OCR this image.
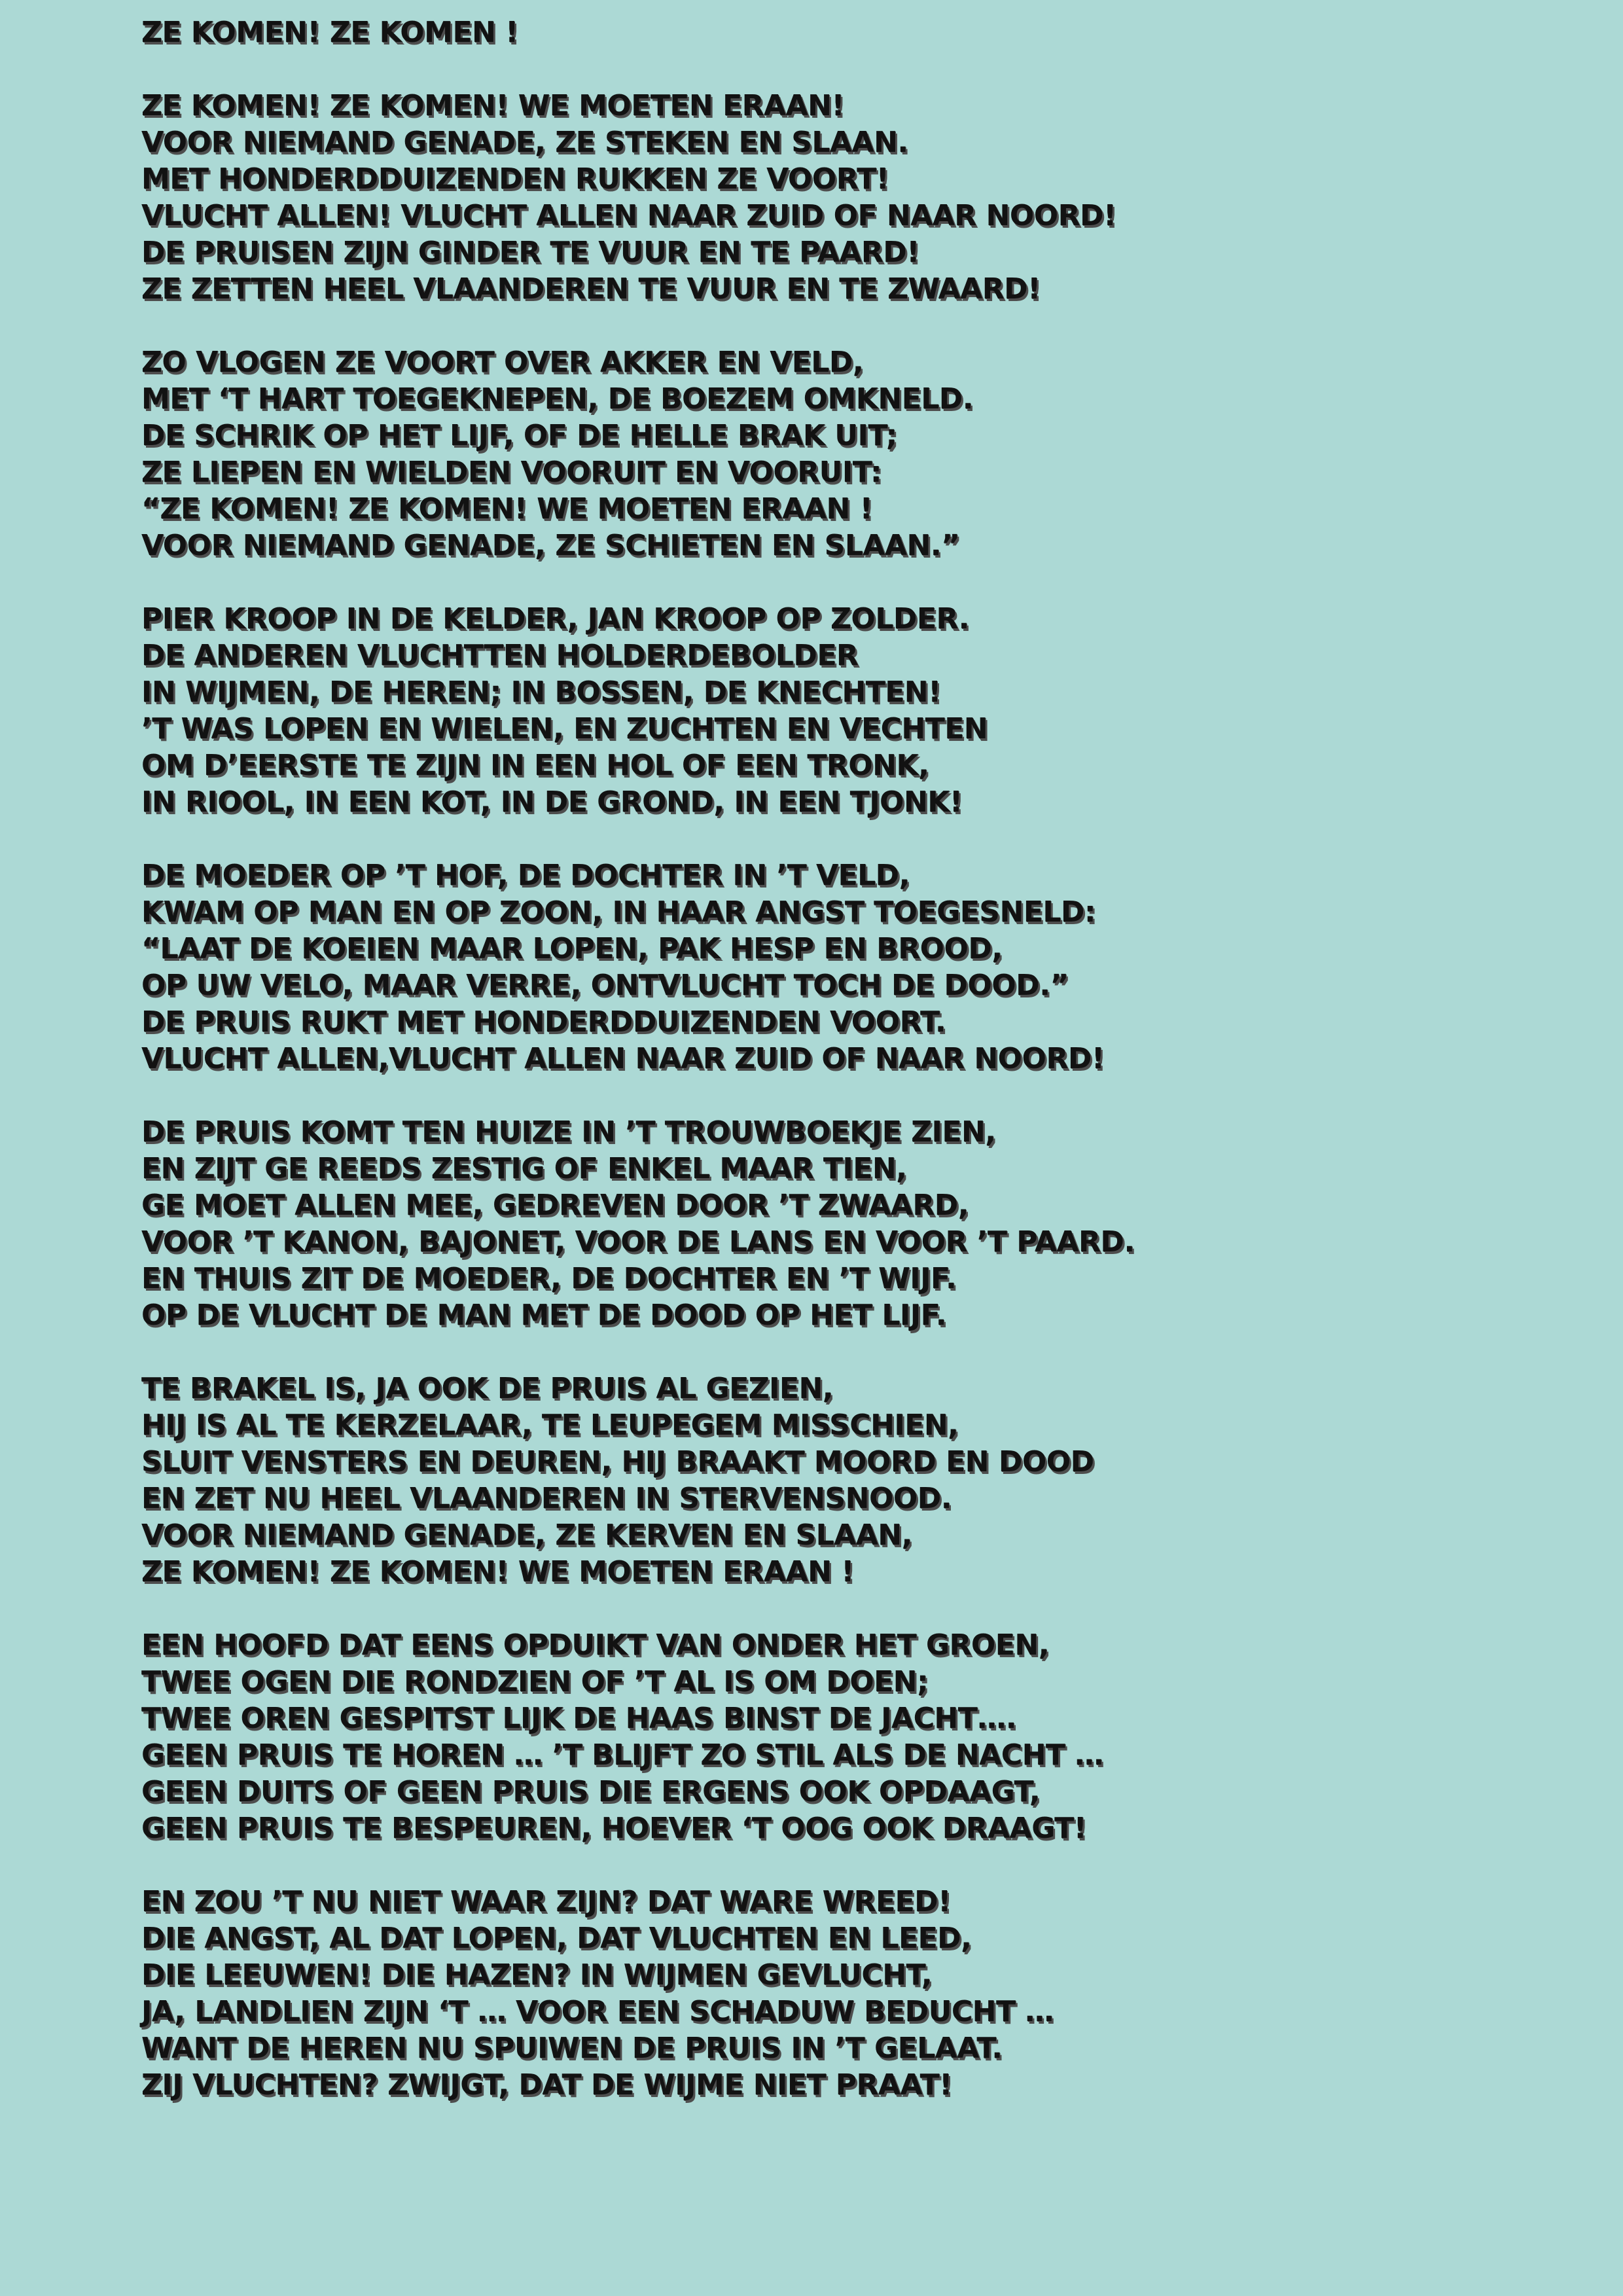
ZE KOMEN! ZE KOMEN !
ZE KOMEN! ZE KOMEN! WE MOETEN ERAAN!
VOOR NIEMAND GENADE, ZE STEKEN EN SLAAN.
MET HONDERDDUIZENDEN RUKKEN ZE VOORT!
VLUCHT ALLEN! VLUCHT ALLEN NAAR ZUID OF NAAR NOORD!
DE PRUISEN ZIJN GINDER TE VUUR EN TE PAARD!
ZE ZETTEN HEEL VLAANDEREN TE VUUR EN TE ZWAARD!
ZO VLOGEN ZE VOORT OVER AKKER EN VELD,
MET ‘T HART TOEGEKNEPEN, DE BOEZEM OMKNELD.
DE SCHRIK OP HET LIJF, OF DE HELLE BRAK UIT;
ZE LIEPEN EN WIELDEN VOORUIT EN VOORUIT:
“ZE KOMEN! ZE KOMEN! WE MOETEN ERAAN !
VOOR NIEMAND GENADE, ZE SCHIETEN EN SLAAN.”
PIER KROOP IN DE KELDER, JAN KROOP OP ZOLDER.
DE ANDEREN VLUCHTTEN HOLDERDEBOLDER
IN WIJMEN, DE HEREN; IN BOSSEN, DE KNECHTEN!
’T WAS LOPEN EN WIELEN, EN ZUCHTEN EN VECHTEN
OM D’EERSTE TE ZIJN IN EEN HOL OF EEN TRONK,
IN RIOOL, IN EEN KOT, IN DE GROND, IN EEN TJONK!
DE MOEDER OP ’T HOF, DE DOCHTER IN ’T VELD,
KWAM OP MAN EN OP ZOON, IN HAAR ANGST TOEGESNELD:
“LAAT DE KOEIEN MAAR LOPEN, PAK HESP EN BROOD,
OP UW VELO, MAAR VERRE, ONTVLUCHT TOCH DE DOOD.”
DE PRUIS RUKT MET HONDERDDUIZENDEN VOORT.
VLUCHT ALLEN,VLUCHT ALLEN NAAR ZUID OF NAAR NOORD!
DE PRUIS KOMT TEN HUIZE IN ’T TROUWBOEKJE ZIEN,
EN ZIJT GE REEDS ZESTIG OF ENKEL MAAR TIEN,
GE MOET ALLEN MEE, GEDREVEN DOOR ’T ZWAARD,
VOOR ’T KANON, BAJONET, VOOR DE LANS EN VOOR ’T PAARD.
EN THUIS ZIT DE MOEDER, DE DOCHTER EN ’T WIJF.
OP DE VLUCHT DE MAN MET DE DOOD OP HET LIJF.
TE BRAKEL IS, JA OOK DE PRUIS AL GEZIEN,
HIJ IS AL TE KERZELAAR, TE LEUPEGEM MISSCHIEN,
SLUIT VENSTERS EN DEUREN, HIJ BRAAKT MOORD EN DOOD
EN ZET NU HEEL VLAANDEREN IN STERVENSNOOD.
VOOR NIEMAND GENADE, ZE KERVEN EN SLAAN,
ZE KOMEN! ZE KOMEN! WE MOETEN ERAAN !
EEN HOOFD DAT EENS OPDUIKT VAN ONDER HET GROEN,
TWEE OGEN DIE RONDZIEN OF ’T AL IS OM DOEN;
TWEE OREN GESPITST LIJK DE HAAS BINST DE JACHT….
GEEN PRUIS TE HOREN … ’T BLIJFT ZO STIL ALS DE NACHT …
GEEN DUITS OF GEEN PRUIS DIE ERGENS OOK OPDAAGT,
GEEN PRUIS TE BESPEUREN, HOEVER ‘T OOG OOK DRAAGT!
EN ZOU ’T NU NIET WAAR ZIJN? DAT WARE WREED!
DIE ANGST, AL DAT LOPEN, DAT VLUCHTEN EN LEED,
DIE LEEUWEN! DIE HAZEN? IN WIJMEN GEVLUCHT,
JA, LANDLIEN ZIJN ‘T … VOOR EEN SCHADUW BEDUCHT …
WANT DE HEREN NU SPUIWEN DE PRUIS IN ’T GELAAT.
ZIJ VLUCHTEN? ZWIJGT, DAT DE WIJME NIET PRAAT!
